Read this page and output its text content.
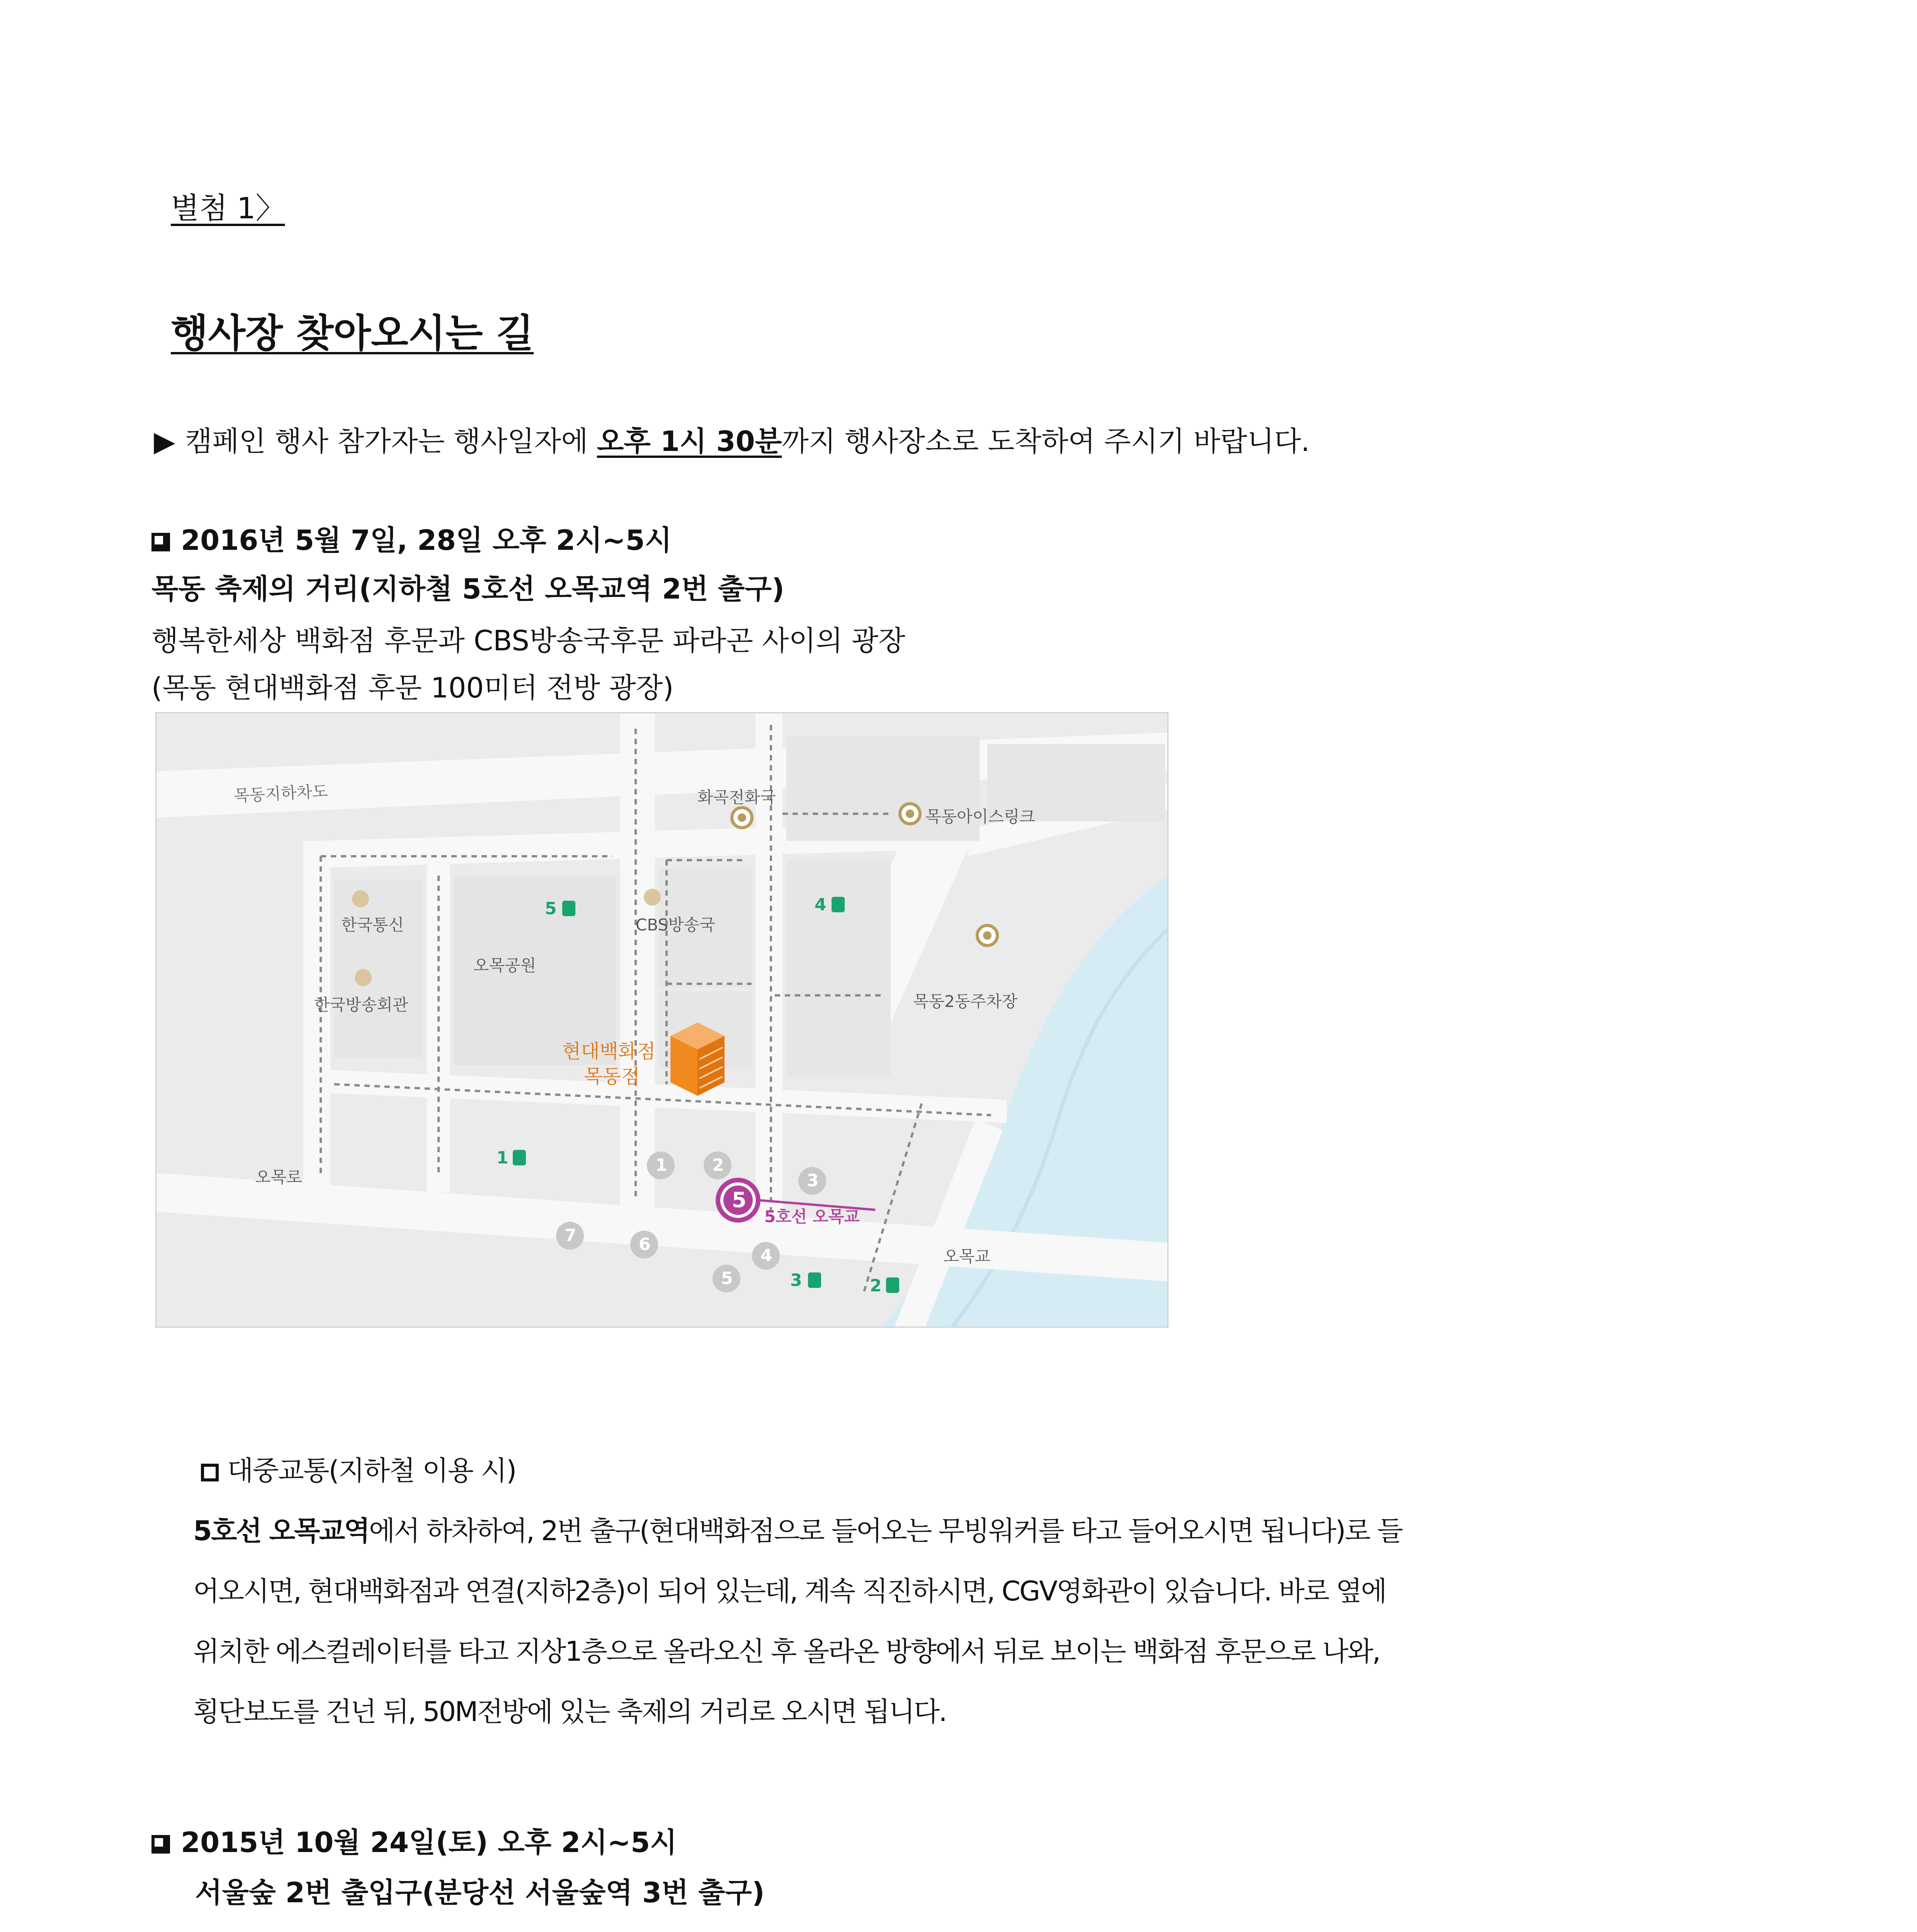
별첨 1〉
행사장 찾아오시는 길
▶ 캠페인 행사 참가자는 행사일자에 오후 1시 30분까지 행사장소로 도착하여 주시기 바랍니다.
2016년 5월 7일, 28일 오후 2시~5시
목동 축제의 거리(지하철 5호선 오목교역 2번 출구)
행복한세상 백화점 후문과 CBS방송국후문 파라곤 사이의 광장
(목동 현대백화점 후문 100미터 전방 광장)
목동지하차도	화곡전화국
목동아이스링크
한국통신	CBS방송국
오목공원
한국방송회관	목동2동주차장
현대백화점
목동점
오목로
오목교
5호선 오목교
5
5	4
1
3	2
1	2
3
4
5
6
7
대중교통(지하철 이용 시)
5호선 오목교역에서 하차하여, 2번 출구(현대백화점으로 들어오는 무빙워커를 타고 들어오시면 됩니다)로 들
어오시면, 현대백화점과 연결(지하2층)이 되어 있는데, 계속 직진하시면, CGV영화관이 있습니다. 바로 옆에
위치한 에스컬레이터를 타고 지상1층으로 올라오신 후 올라온 방향에서 뒤로 보이는 백화점 후문으로 나와,
횡단보도를 건넌 뒤, 50M전방에 있는 축제의 거리로 오시면 됩니다.
2015년 10월 24일(토) 오후 2시~5시
서울숲 2번 출입구(분당선 서울숲역 3번 출구)
